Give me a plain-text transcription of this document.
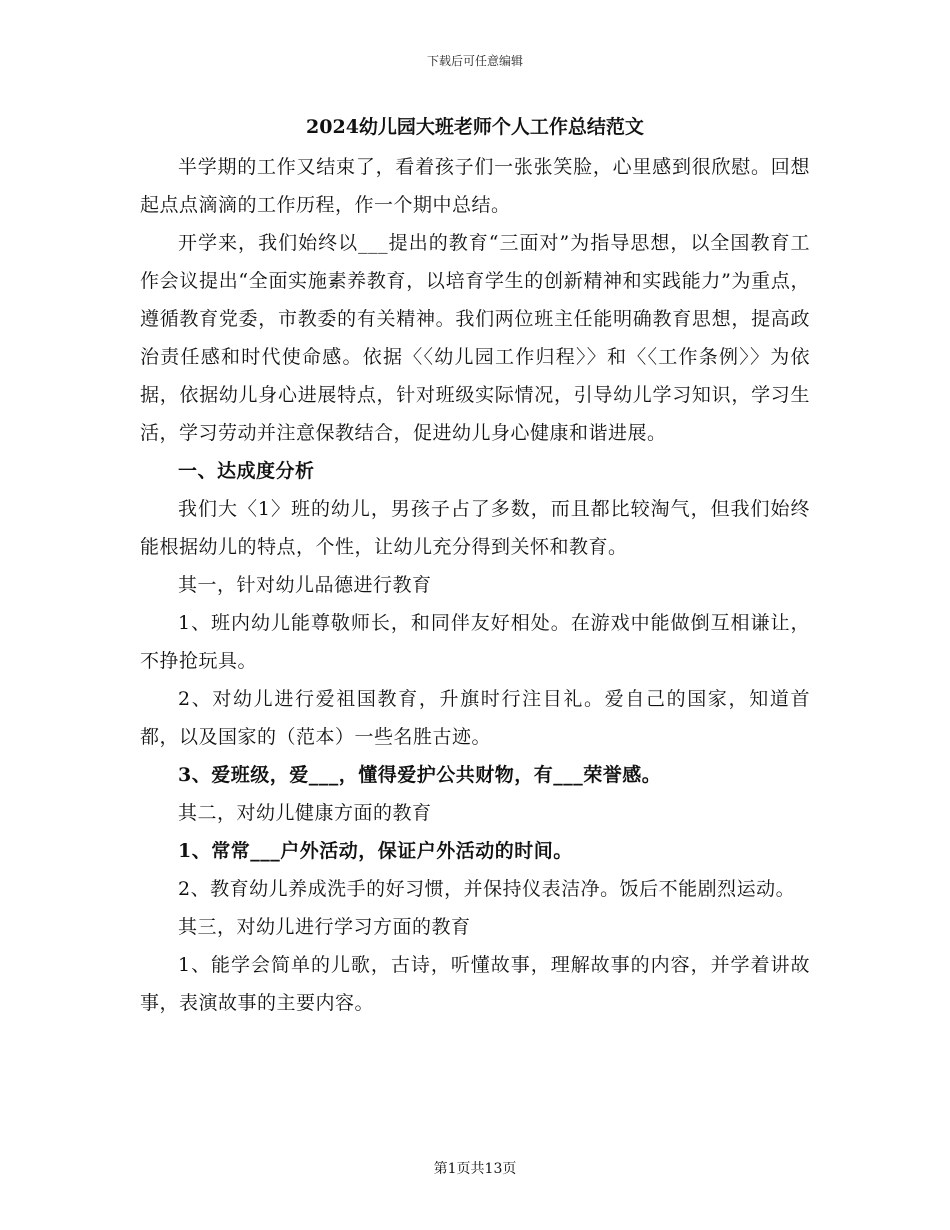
下载后可任意编辑
2024幼儿园大班老师个人工作总结范文

半学期的工作又结束了，看着孩子们一张张笑脸，心里感到很欣慰。回想起点点滴滴的工作历程，作一个期中总结。

开学来，我们始终以___提出的教育“三面对”为指导思想，以全国教育工作会议提出“全面实施素养教育，以培育学生的创新精神和实践能力”为重点，遵循教育党委，市教委的有关精神。我们两位班主任能明确教育思想，提高政治责任感和时代使命感。依据〈〈幼儿园工作归程〉〉和〈〈工作条例〉〉为依据，依据幼儿身心进展特点，针对班级实际情况，引导幼儿学习知识，学习生活，学习劳动并注意保教结合，促进幼儿身心健康和谐进展。

一、达成度分析

我们大〈1〉班的幼儿，男孩子占了多数，而且都比较淘气，但我们始终能根据幼儿的特点，个性，让幼儿充分得到关怀和教育。

其一，针对幼儿品德进行教育

1、班内幼儿能尊敬师长，和同伴友好相处。在游戏中能做倒互相谦让，不挣抢玩具。

2、对幼儿进行爱祖国教育，升旗时行注目礼。爱自己的国家，知道首都，以及国家的（范本）一些名胜古迹。

3、爱班级，爱___，懂得爱护公共财物，有___荣誉感。

其二，对幼儿健康方面的教育

1、常常___户外活动，保证户外活动的时间。

2、教育幼儿养成洗手的好习惯，并保持仪表洁净。饭后不能剧烈运动。

其三，对幼儿进行学习方面的教育

1、能学会简单的儿歌，古诗，听懂故事，理解故事的内容，并学着讲故事，表演故事的主要内容。

第1页共13页
